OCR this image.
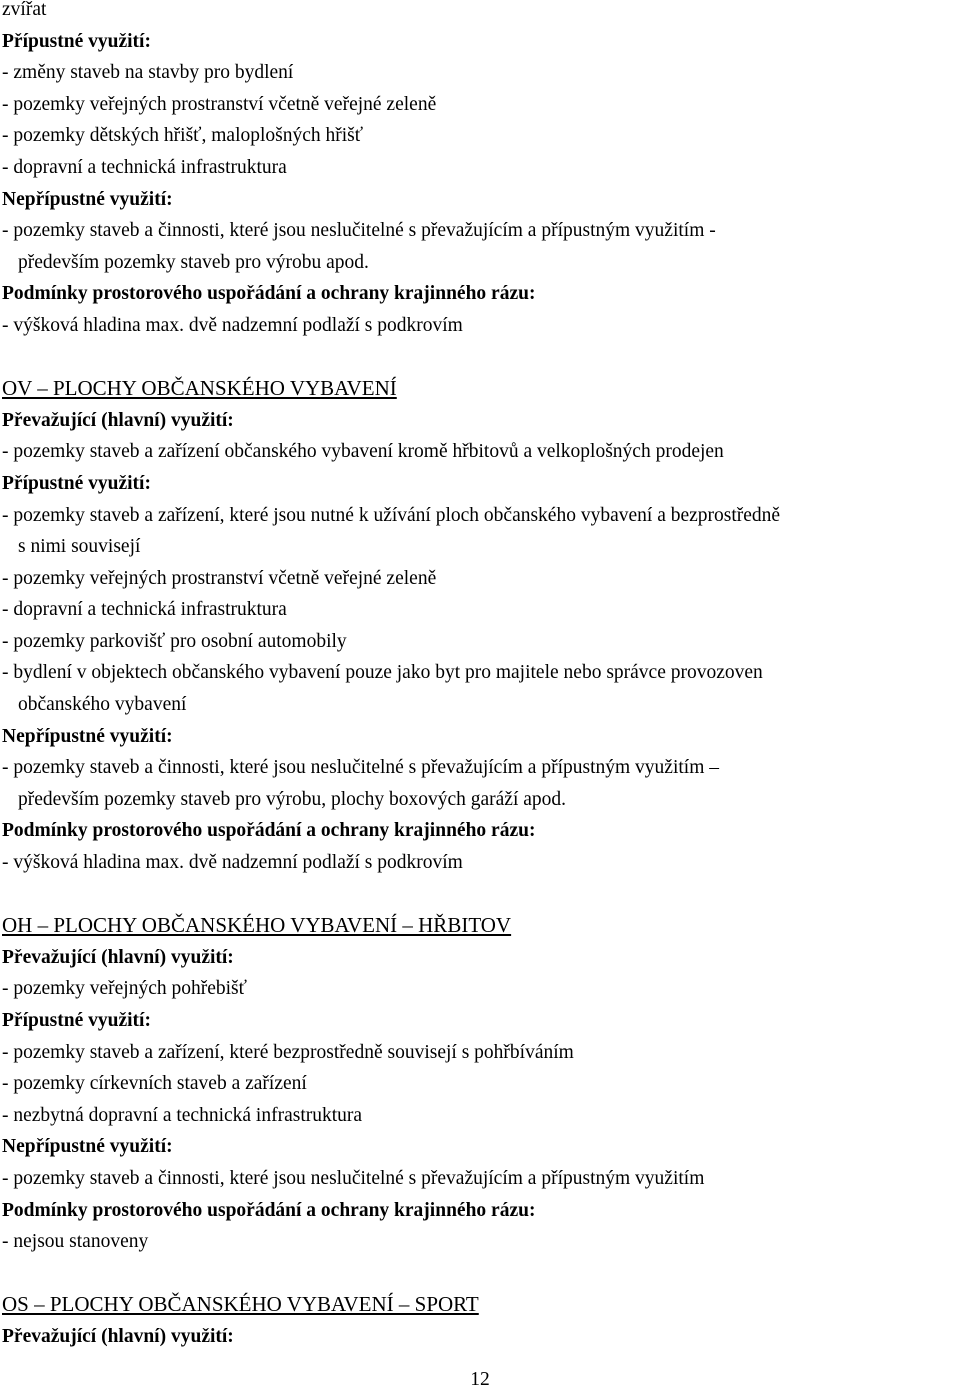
zvířat
Přípustné využití:
- změny staveb na stavby pro bydlení
- pozemky veřejných prostranství včetně veřejné zeleně
- pozemky dětských hřišť, maloplošných hřišť
- dopravní a technická infrastruktura
Nepřípustné využití:
- pozemky staveb a činnosti, které jsou neslučitelné s převažujícím a přípustným využitím -
především pozemky staveb pro výrobu apod.
Podmínky prostorového uspořádání a ochrany krajinného rázu:
- výšková hladina max. dvě nadzemní podlaží s podkrovím
OV – PLOCHY OBČANSKÉHO VYBAVENÍ
Převažující (hlavní) využití:
- pozemky staveb a zařízení občanského vybavení kromě hřbitovů a velkoplošných prodejen
Přípustné využití:
- pozemky staveb a zařízení, které jsou nutné k užívání ploch občanského vybavení a bezprostředně
s nimi souvisejí
- pozemky veřejných prostranství včetně veřejné zeleně
- dopravní a technická infrastruktura
- pozemky parkovišť pro osobní automobily
- bydlení v objektech občanského vybavení pouze jako byt pro majitele nebo správce provozoven
občanského vybavení
Nepřípustné využití:
- pozemky staveb a činnosti, které jsou neslučitelné s převažujícím a přípustným využitím –
především pozemky staveb pro výrobu, plochy boxových garáží apod.
Podmínky prostorového uspořádání a ochrany krajinného rázu:
- výšková hladina max. dvě nadzemní podlaží s podkrovím
OH – PLOCHY OBČANSKÉHO VYBAVENÍ – HŘBITOV
Převažující (hlavní) využití:
- pozemky veřejných pohřebišť
Přípustné využití:
- pozemky staveb a zařízení, které bezprostředně souvisejí s pohřbíváním
- pozemky církevních staveb a zařízení
- nezbytná dopravní a technická infrastruktura
Nepřípustné využití:
- pozemky staveb a činnosti, které jsou neslučitelné s převažujícím a přípustným využitím
Podmínky prostorového uspořádání a ochrany krajinného rázu:
- nejsou stanoveny
OS – PLOCHY OBČANSKÉHO VYBAVENÍ – SPORT
Převažující (hlavní) využití:
12
